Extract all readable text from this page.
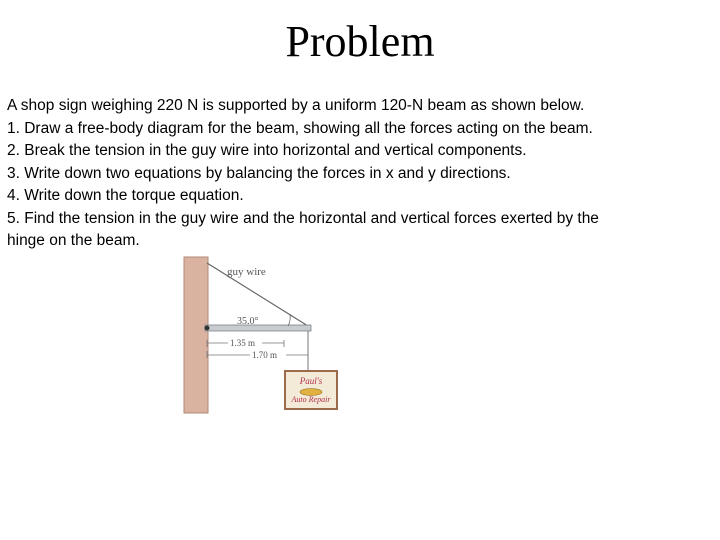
Problem
A shop sign weighing 220 N is supported by a uniform 120-N beam as shown below.
1. Draw a free-body diagram for the beam, showing all the forces acting on the beam.
2. Break the tension in the guy wire into horizontal and vertical components.
3. Write down two equations by balancing the forces in x and y directions.
4. Write down the torque equation.
5. Find the tension in the guy wire and the horizontal and vertical forces exerted by the
hinge on the beam.
guy wire
35.0°
1.35 m
1.70 m
Paul's
Auto Repair
